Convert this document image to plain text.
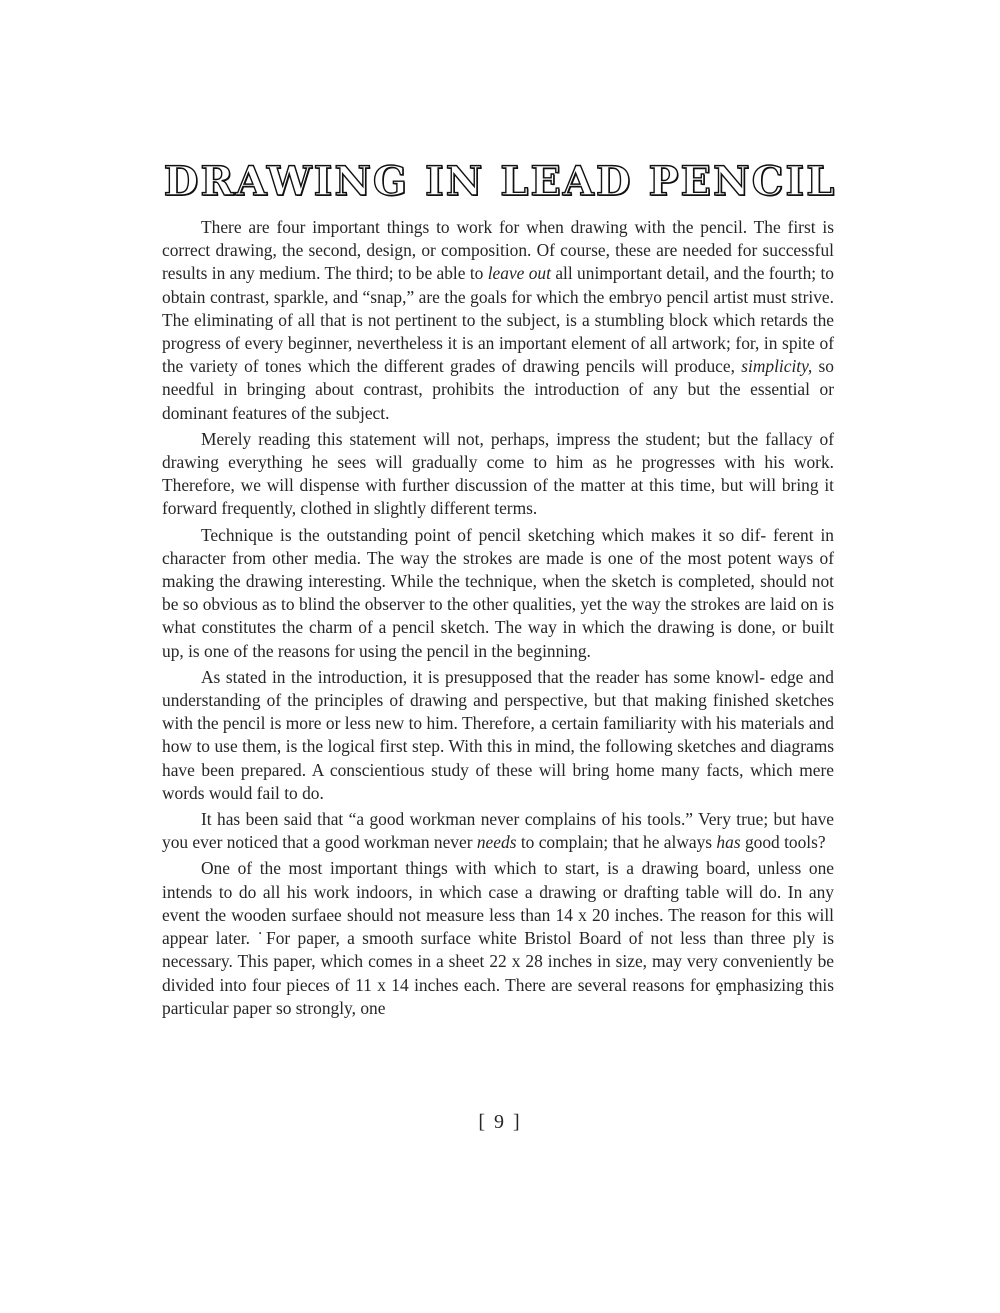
DRAWING IN LEAD PENCIL

There are four important things to work for when drawing with the pencil. The first is correct drawing, the second, design, or composition. Of course, these are needed for successful results in any medium. The third; to be able to leave out all unimportant detail, and the fourth; to obtain contrast, sparkle, and “snap,” are the goals for which the embryo pencil artist must strive. The eliminating of all that is not pertinent to the subject, is a stumbling block which retards the progress of every beginner, nevertheless it is an important element of all artwork; for, in spite of the variety of tones which the different grades of drawing pencils will produce, simplicity, so needful in bringing about contrast, prohibits the introduction of any but the essential or dominant features of the subject.

Merely reading this statement will not, perhaps, impress the student; but the fallacy of drawing everything he sees will gradually come to him as he progresses with his work. Therefore, we will dispense with further discussion of the matter at this time, but will bring it forward frequently, clothed in slightly different terms.

Technique is the outstanding point of pencil sketching which makes it so dif‑ ferent in character from other media. The way the strokes are made is one of the most potent ways of making the drawing interesting. While the technique, when the sketch is completed, should not be so obvious as to blind the observer to the other qualities, yet the way the strokes are laid on is what constitutes the charm of a pencil sketch. The way in which the drawing is done, or built up, is one of the reasons for using the pencil in the beginning.

As stated in the introduction, it is presupposed that the reader has some knowl‑ edge and understanding of the principles of drawing and perspective, but that making finished sketches with the pencil is more or less new to him. Therefore, a certain familiarity with his materials and how to use them, is the logical first step. With this in mind, the following sketches and diagrams have been prepared. A conscientious study of these will bring home many facts, which mere words would fail to do.

It has been said that “a good workman never complains of his tools.” Very true; but have you ever noticed that a good workman never needs to complain; that he always has good tools?

One of the most important things with which to start, is a drawing board, unless one intends to do all his work indoors, in which case a drawing or drafting table will do. In any event the wooden surfaee should not measure less than 14 x 20 inches. The reason for this will appear later. ˙For paper, a smooth surface white Bristol Board of not less than three ply is necessary. This paper, which comes in a sheet 22 x 28 inches in size, may very conveniently be divided into four pieces of 11 x 14 inches each. There are several reasons for ȩmphasizing this particular paper so strongly, one

[ 9 ]
